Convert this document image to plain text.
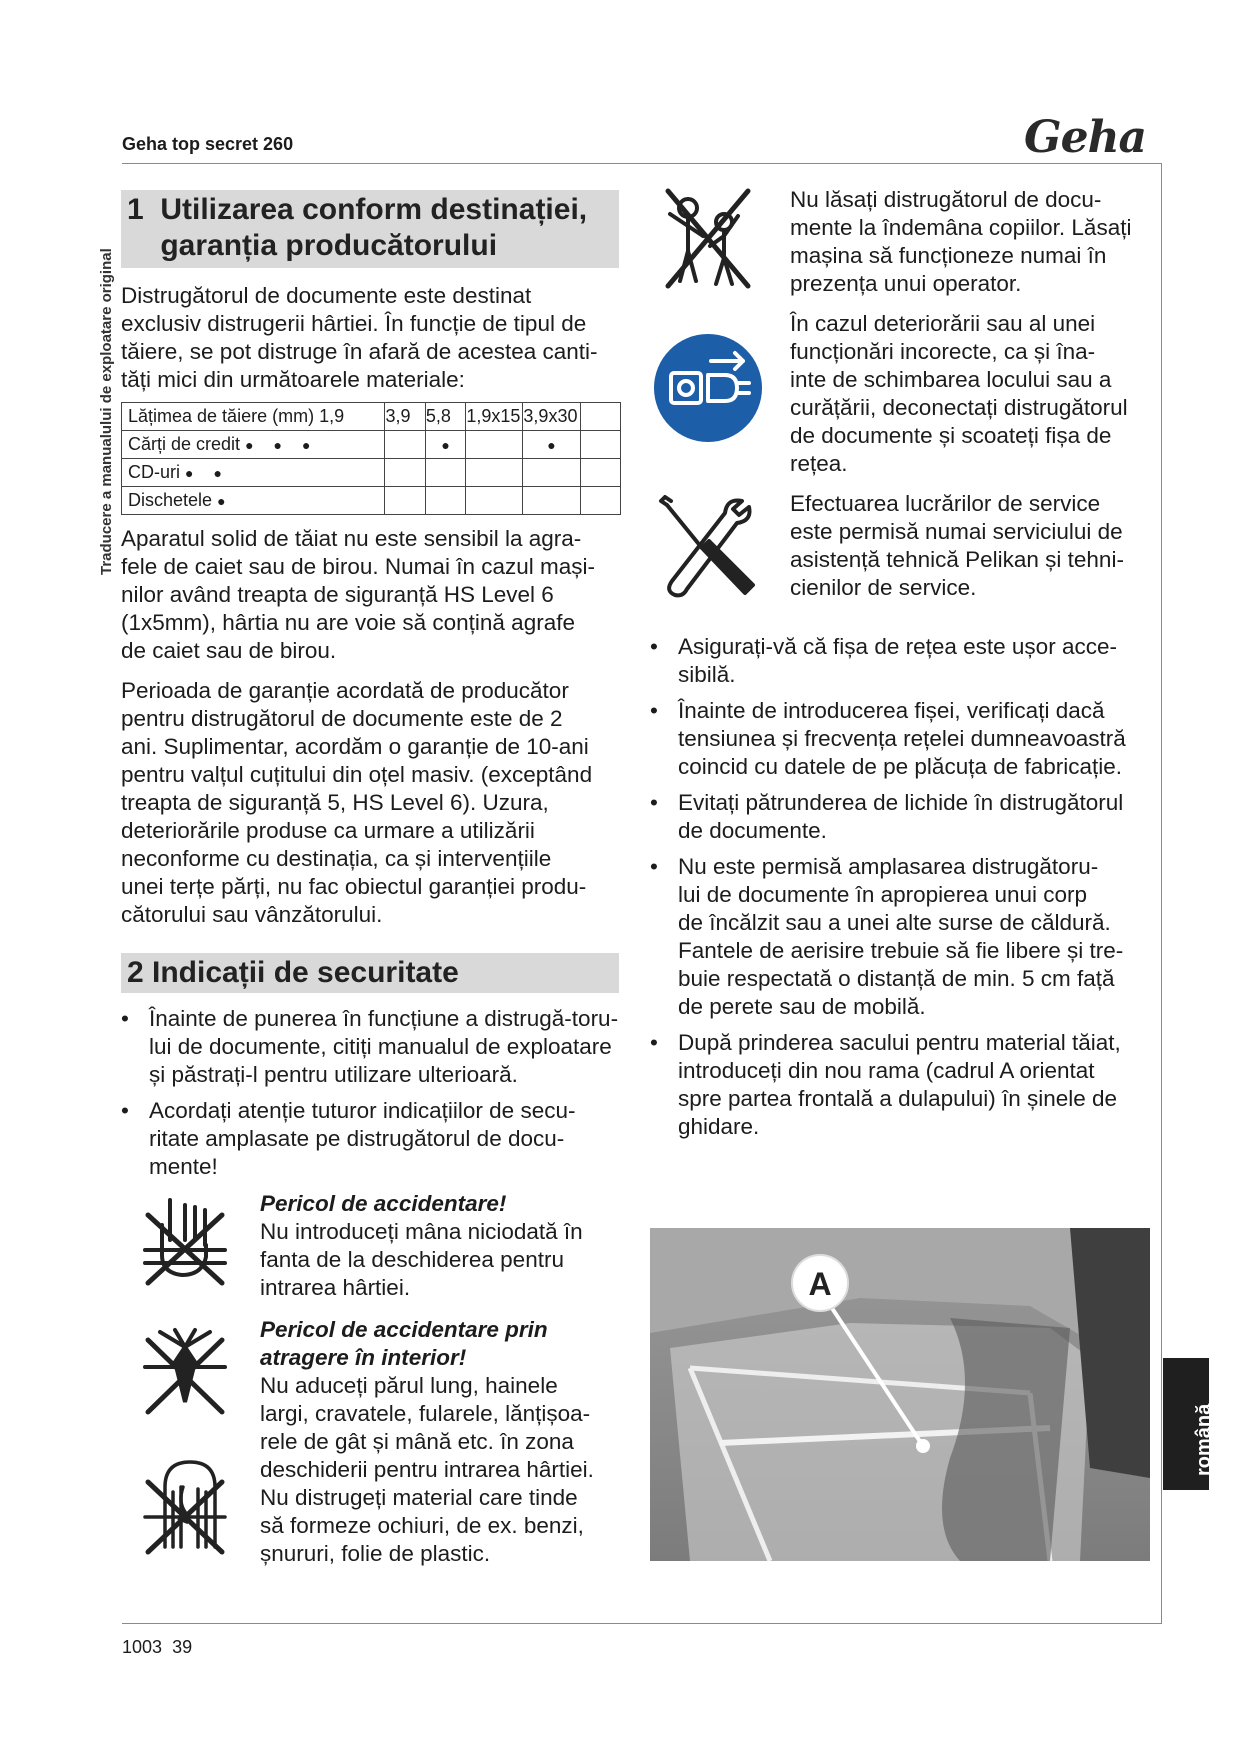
Geha top secret 260	Geha
Traducere a manualului de exploatare original
română
1003 39
1  Utilizarea conform destinației,
garanția producătorului
Distrugătorul de documente este destinat
exclusiv distrugerii hârtiei. În funcție de tipul de
tăiere, se pot distruge în afară de acestea canti-
tăți mici din următoarele materiale:
Lățimea de tăiere (mm) 1,9	3,9	5,8	1,9x15	3,9x30	
Cărți de credit ● ● ●		●		●	
CD-uri ● ●					
Dischetele ●					
Aparatul solid de tăiat nu este sensibil la agra-
fele de caiet sau de birou. Numai în cazul mași-
nilor având treapta de siguranță HS Level 6
(1x5mm), hârtia nu are voie să conțină agrafe
de caiet sau de birou.
Perioada de garanție acordată de producător
pentru distrugătorul de documente este de 2
ani. Suplimentar, acordăm o garanție de 10-ani
pentru valțul cuțitului din oțel masiv. (exceptând
treapta de siguranță 5, HS Level 6). Uzura,
deteriorările produse ca urmare a utilizării
neconforme cu destinația, ca și intervențiile
unei terțe părți, nu fac obiectul garanției produ-
cătorului sau vânzătorului.
2 Indicații de securitate
• Înainte de punerea în funcțiune a distrugă-toru-
lui de documente, citiți manualul de exploatare
și păstrați-l pentru utilizare ulterioară.
• Acordați atenție tuturor indicațiilor de secu-
ritate amplasate pe distrugătorul de docu-
mente!
Pericol de accidentare!
Nu introduceți mâna niciodată în
fanta de la deschiderea pentru
intrarea hârtiei.
Pericol de accidentare prin
atragere în interior!
Nu aduceți părul lung, hainele
largi, cravatele, fularele, lănțișoa-
rele de gât și mână etc. în zona
deschiderii pentru intrarea hârtiei.
Nu distrugeți material care tinde
să formeze ochiuri, de ex. benzi,
șnururi, folie de plastic.
Nu lăsați distrugătorul de docu-
mente la îndemâna copiilor. Lăsați
mașina să funcționeze numai în
prezența unui operator.
În cazul deteriorării sau al unei
funcționări incorecte, ca și îna-
inte de schimbarea locului sau a
curățării, deconectați distrugătorul
de documente și scoateți fișa de
rețea.
Efectuarea lucrărilor de service
este permisă numai serviciului de
asistență tehnică Pelikan și tehni-
cienilor de service.
• Asigurați-vă că fișa de rețea este ușor acce-
sibilă.
• Înainte de introducerea fișei, verificați dacă
tensiunea și frecvența rețelei dumneavoastră
coincid cu datele de pe plăcuța de fabricație.
• Evitați pătrunderea de lichide în distrugătorul
de documente.
• Nu este permisă amplasarea distrugătoru-
lui de documente în apropierea unui corp
de încălzit sau a unei alte surse de căldură.
Fantele de aerisire trebuie să fie libere și tre-
buie respectată o distanță de min. 5 cm față
de perete sau de mobilă.
• După prinderea sacului pentru material tăiat,
introduceți din nou rama (cadrul A orientat
spre partea frontală a dulapului) în șinele de
ghidare.
A
